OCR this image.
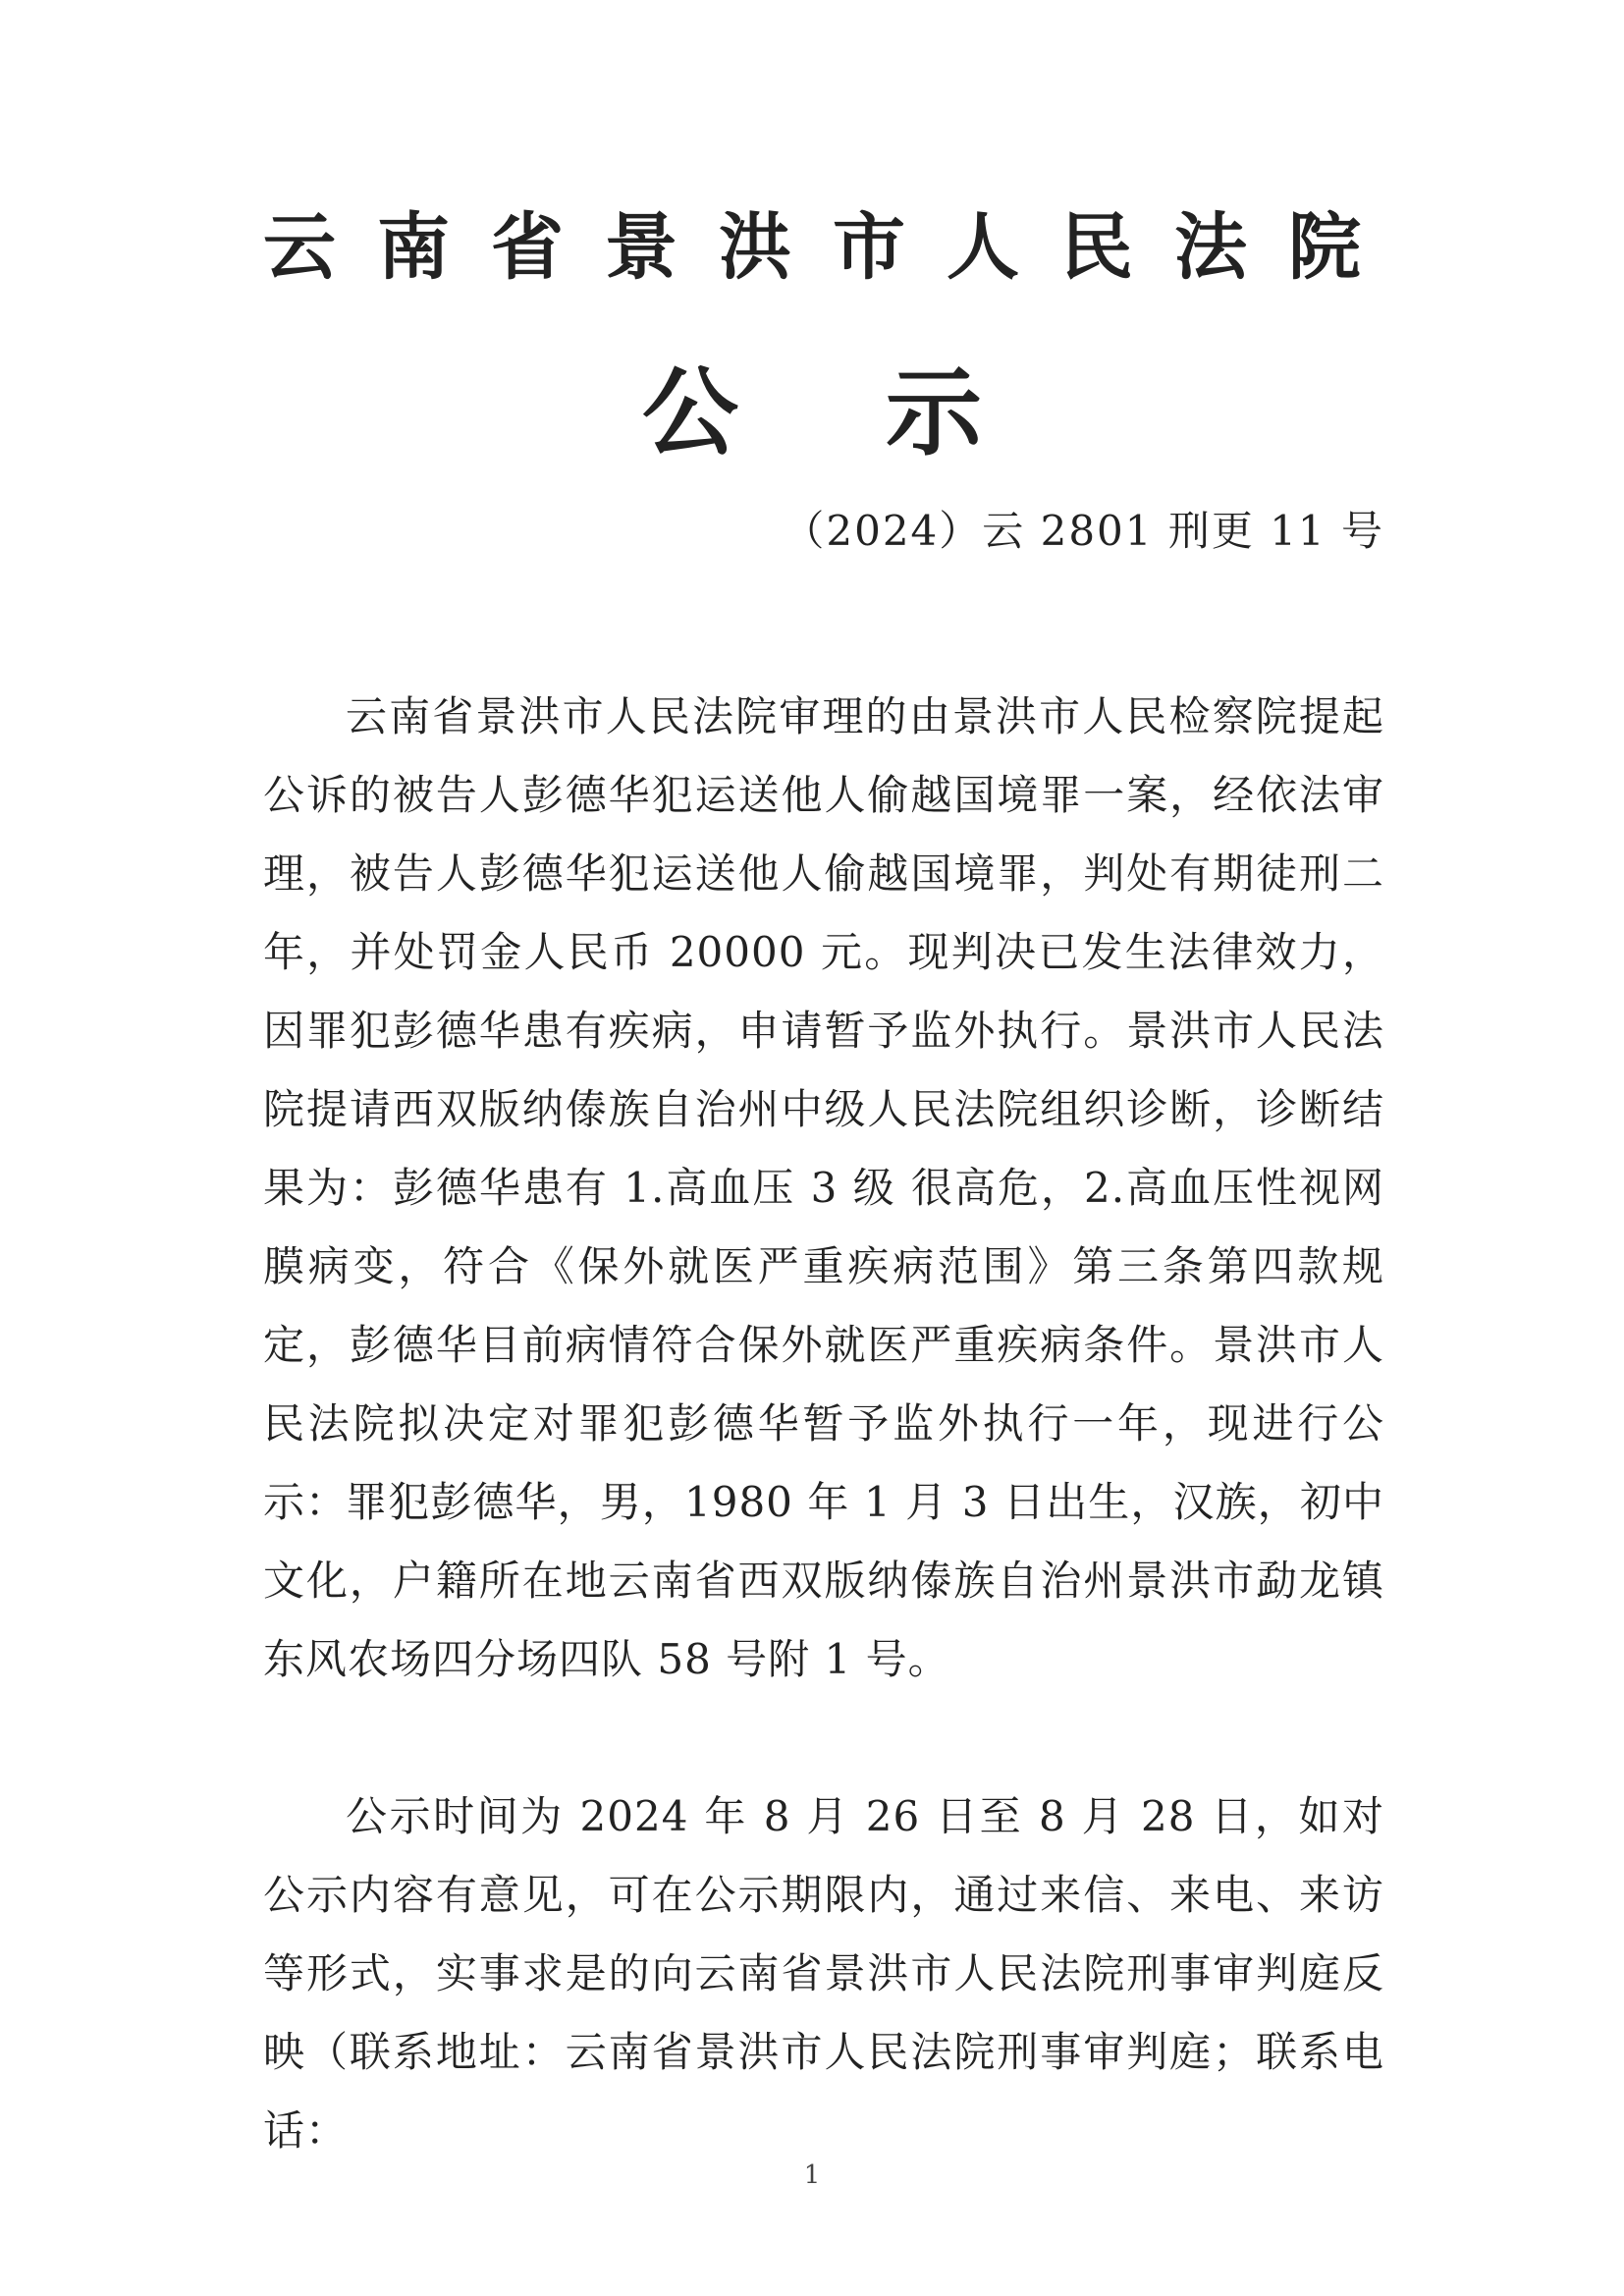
云南省景洪市人民法院
公示
（2024）云 2801 刑更 11 号

云南省景洪市人民法院审理的由景洪市人民检察院提起公诉的被告人彭德华犯运送他人偷越国境罪一案，经依法审理，被告人彭德华犯运送他人偷越国境罪，判处有期徒刑二年，并处罚金人民币 20000 元。现判决已发生法律效力，因罪犯彭德华患有疾病，申请暂予监外执行。景洪市人民法院提请西双版纳傣族自治州中级人民法院组织诊断，诊断结果为：彭德华患有 1.高血压 3 级 很高危，2.高血压性视网膜病变，符合《保外就医严重疾病范围》第三条第四款规定，彭德华目前病情符合保外就医严重疾病条件。景洪市人民法院拟决定对罪犯彭德华暂予监外执行一年，现进行公示：

罪犯彭德华，男，1980 年 1 月 3 日出生，汉族，初中文化，户籍所在地云南省西双版纳傣族自治州景洪市勐龙镇东风农场四分场四队 58 号附 1 号。

公示时间为 2024 年 8 月 26 日至 8 月 28 日，如对公示内容有意见，可在公示期限内，通过来信、来电、来访等形式，实事求是的向云南省景洪市人民法院刑事审判庭反映（联系地址：云南省景洪市人民法院刑事审判庭；联系电话：

1
